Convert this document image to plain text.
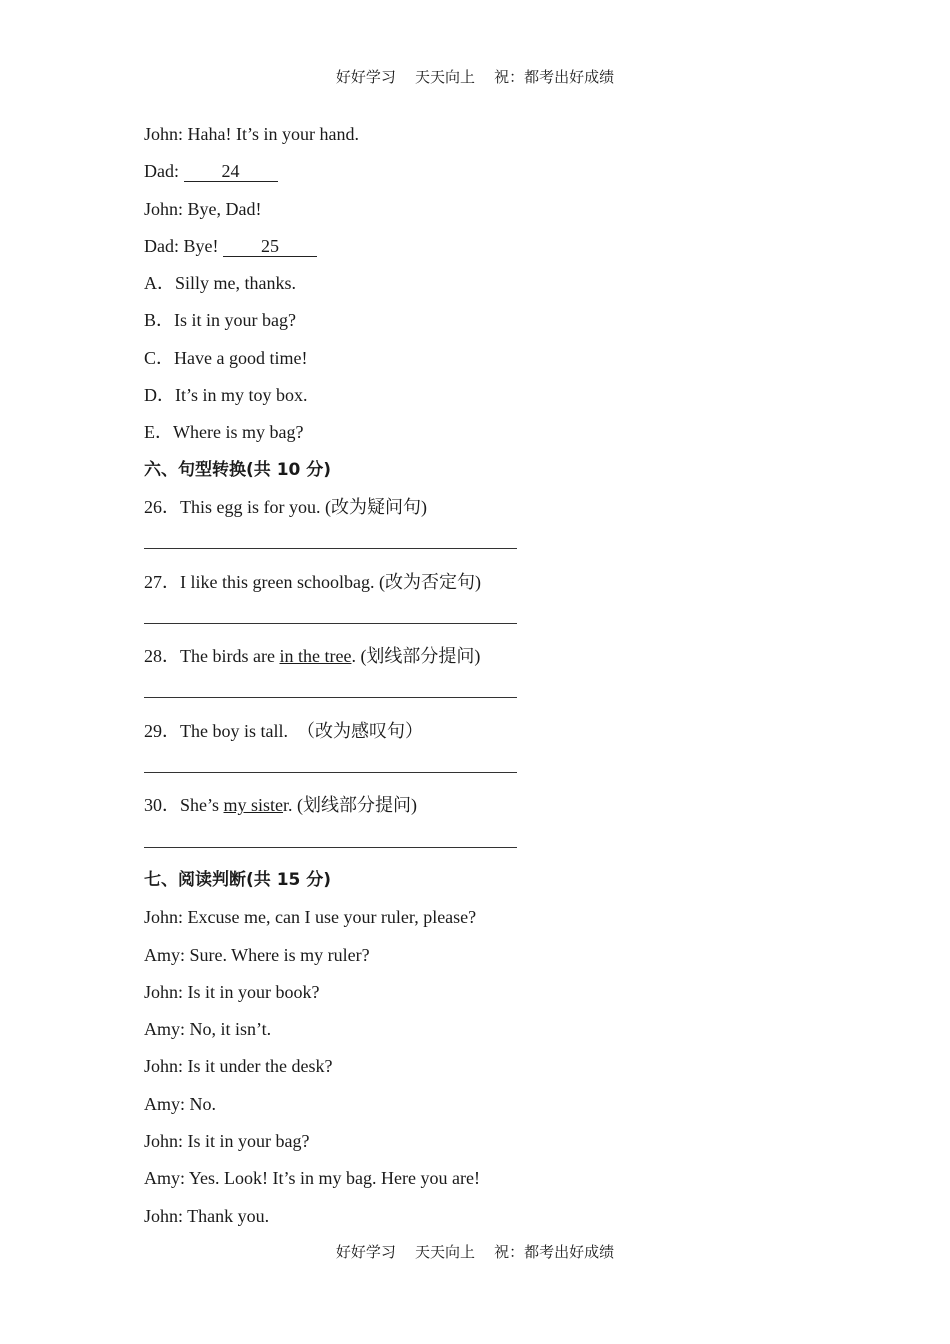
好好学习    天天向上    祝：都考出好成绩
John: Haha! It’s in your hand.
Dad: 24
John: Bye, Dad!
Dad: Bye! 25
A．Silly me, thanks.
B．Is it in your bag?
C．Have a good time!
D．It’s in my toy box.
E．Where is my bag?
六、句型转换(共 10 分)
26．This egg is for you. (改为疑问句)
27．I like this green schoolbag. (改为否定句)
28．The birds are in the tree. (划线部分提问)
29．The boy is tall.  （改为感叹句）
30．She’s my sister. (划线部分提问)
七、阅读判断(共 15 分)
John: Excuse me, can I use your ruler, please?
Amy: Sure. Where is my ruler?
John: Is it in your book?
Amy: No, it isn’t.
John: Is it under the desk?
Amy: No.
John: Is it in your bag?
Amy: Yes. Look! It’s in my bag. Here you are!
John: Thank you.
好好学习    天天向上    祝：都考出好成绩
